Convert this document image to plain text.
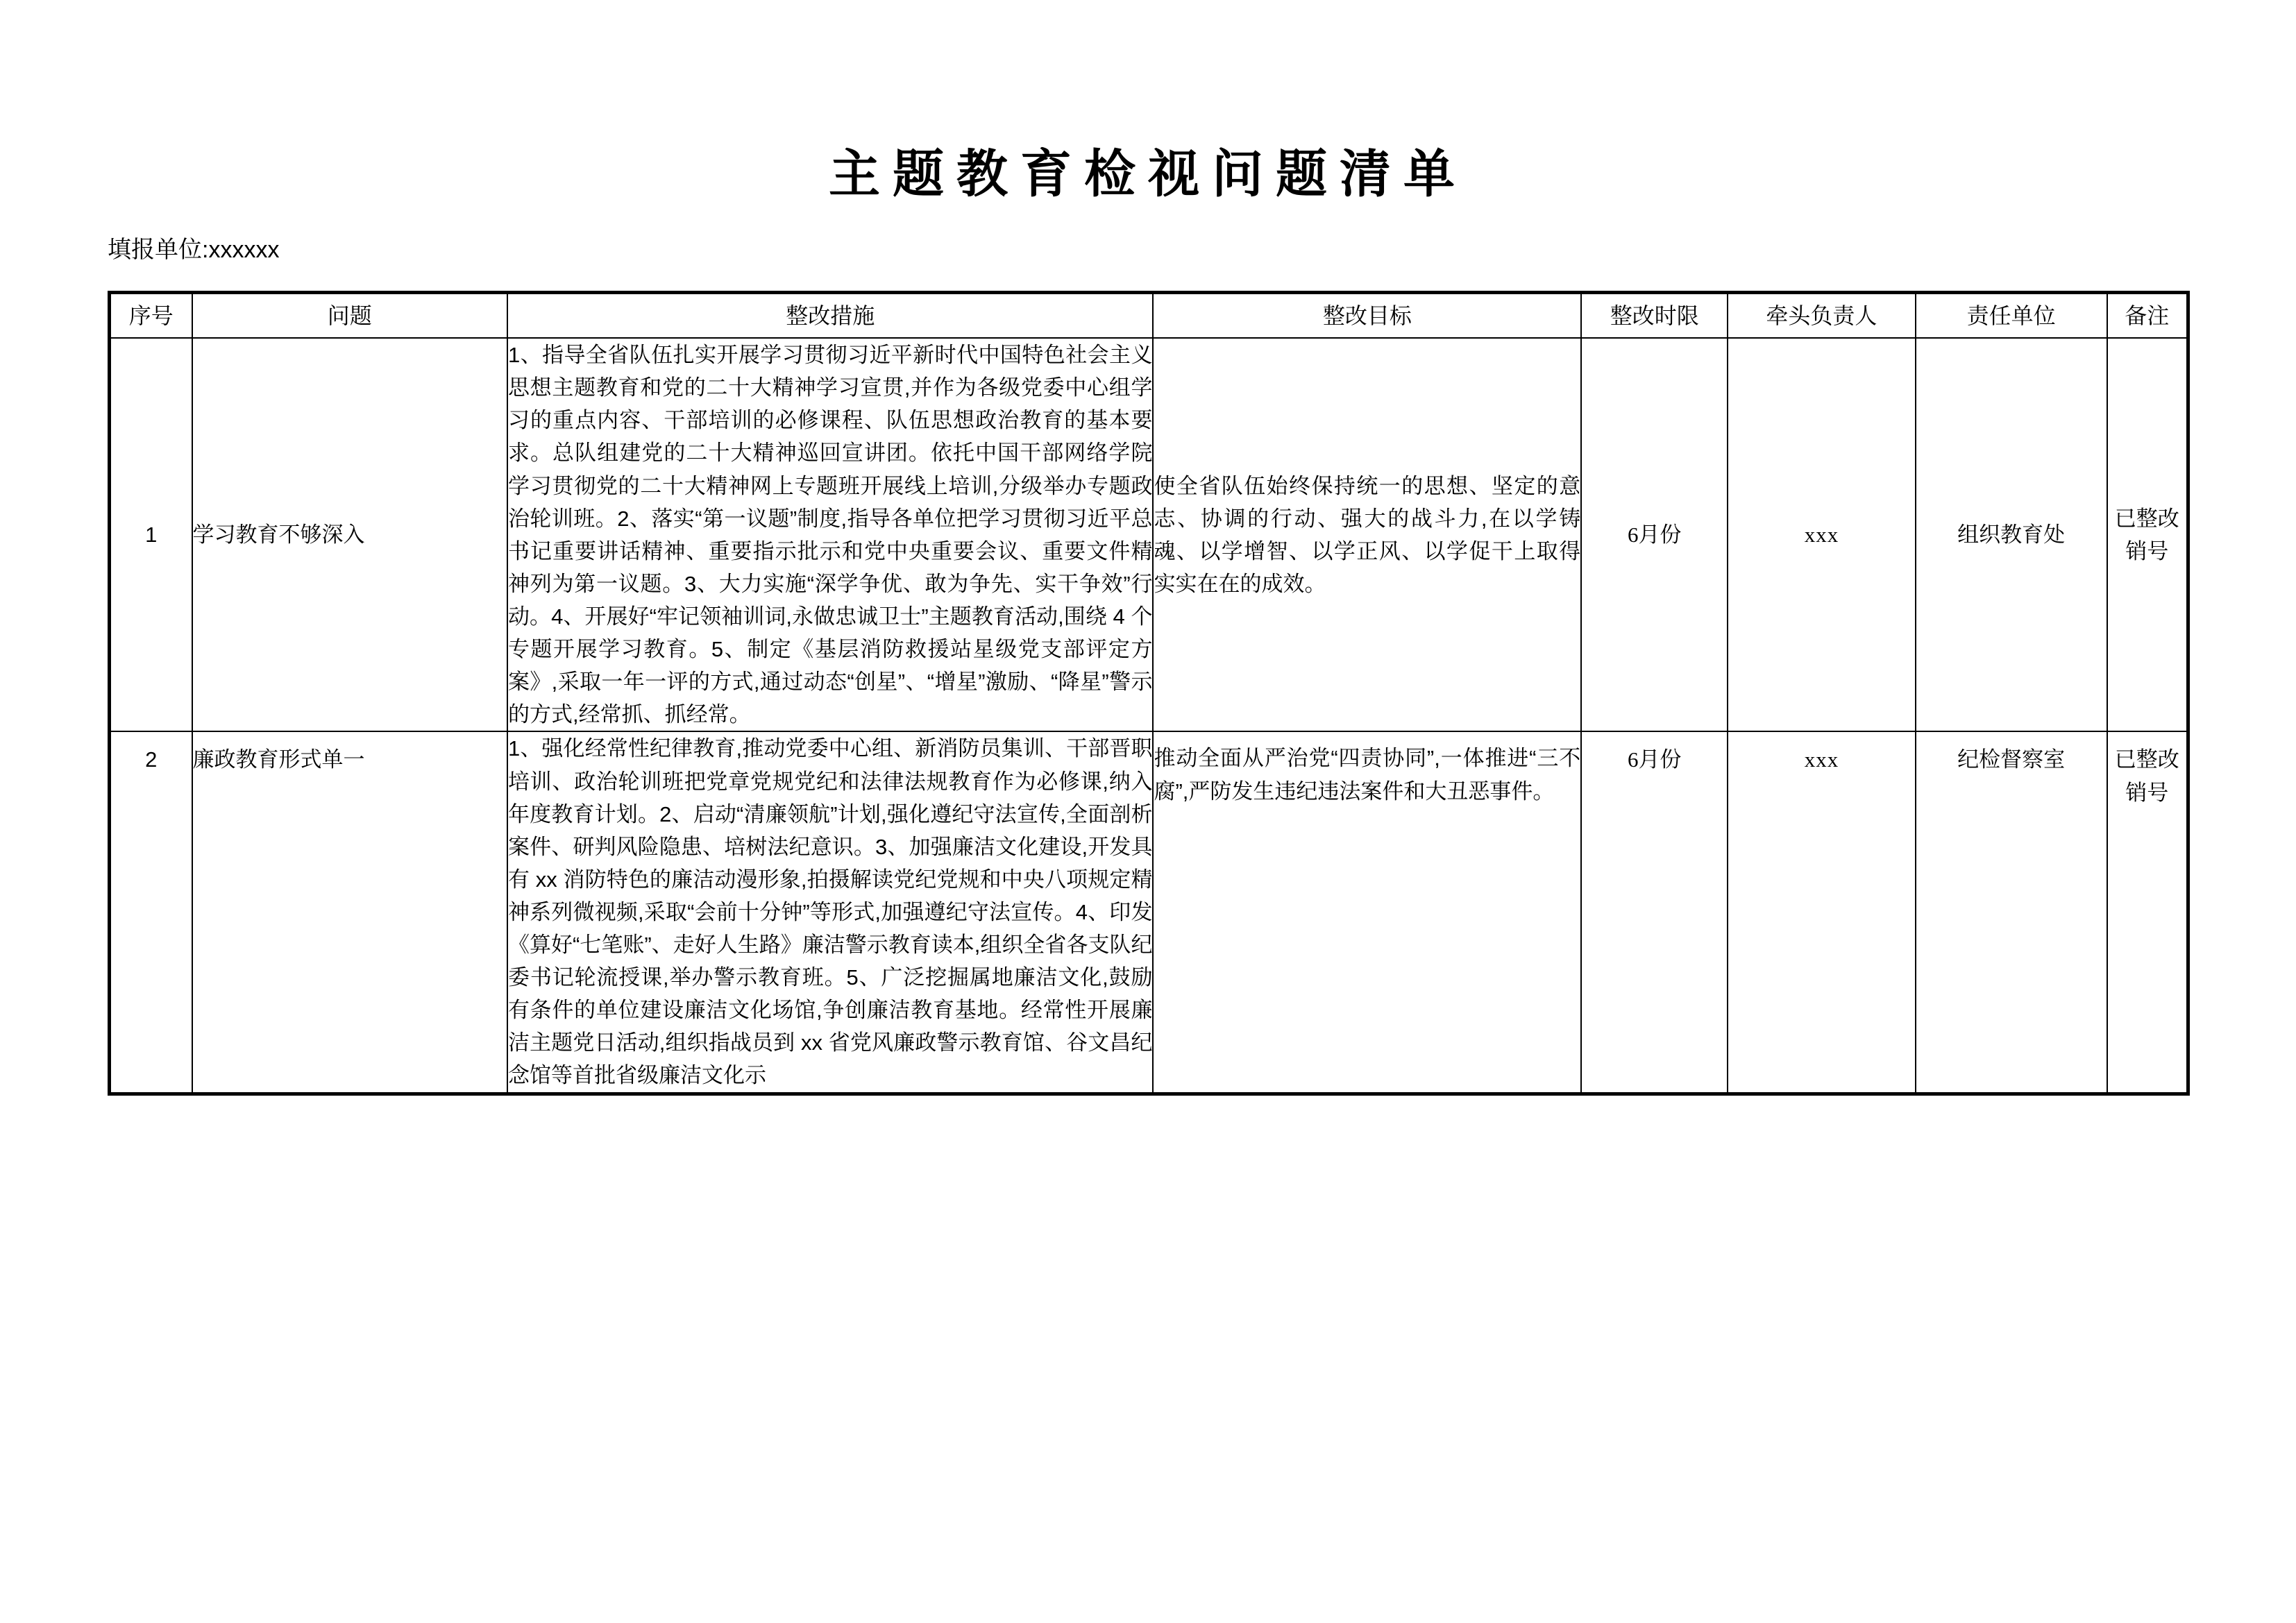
主题教育检视问题清单
填报单位:xxxxxx
序号	问题	整改措施	整改目标	整改时限	牵头负责人	责任单位	备注
1	学习教育不够深入	1、指导全省队伍扎实开展学习贯彻习近平新时代中国特色社会主义思想主题教育和党的二十大精神学习宣贯,并作为各级党委中心组学习的重点内容、干部培训的必修课程、队伍思想政治教育的基本要求。总队组建党的二十大精神巡回宣讲团。依托中国干部网络学院学习贯彻党的二十大精神网上专题班开展线上培训,分级举办专题政治轮训班。2、落实“第一议题”制度,指导各单位把学习贯彻习近平总书记重要讲话精神、重要指示批示和党中央重要会议、重要文件精神列为第一议题。3、大力实施“深学争优、敢为争先、实干争效”行动。4、开展好“牢记领袖训词,永做忠诚卫士”主题教育活动,围绕 4 个专题开展学习教育。5、制定《基层消防救援站星级党支部评定方案》,采取一年一评的方式,通过动态“创星”、“增星”激励、“降星”警示的方式,经常抓、抓经常。	使全省队伍始终保持统一的思想、坚定的意志、协调的行动、强大的战斗力,在以学铸魂、以学增智、以学正风、以学促干上取得实实在在的成效。	6月份	xxx	组织教育处	已整改销号
2	廉政教育形式单一	1、强化经常性纪律教育,推动党委中心组、新消防员集训、干部晋职培训、政治轮训班把党章党规党纪和法律法规教育作为必修课,纳入年度教育计划。2、启动“清廉领航”计划,强化遵纪守法宣传,全面剖析案件、研判风险隐患、培树法纪意识。3、加强廉洁文化建设,开发具有 xx 消防特色的廉洁动漫形象,拍摄解读党纪党规和中央八项规定精神系列微视频,采取“会前十分钟”等形式,加强遵纪守法宣传。4、印发《算好“七笔账”、走好人生路》廉洁警示教育读本,组织全省各支队纪委书记轮流授课,举办警示教育班。5、广泛挖掘属地廉洁文化,鼓励有条件的单位建设廉洁文化场馆,争创廉洁教育基地。经常性开展廉洁主题党日活动,组织指战员到 xx 省党风廉政警示教育馆、谷文昌纪念馆等首批省级廉洁文化示	推动全面从严治党“四责协同”,一体推进“三不腐”,严防发生违纪违法案件和大丑恶事件。	6月份	xxx	纪检督察室	已整改销号
